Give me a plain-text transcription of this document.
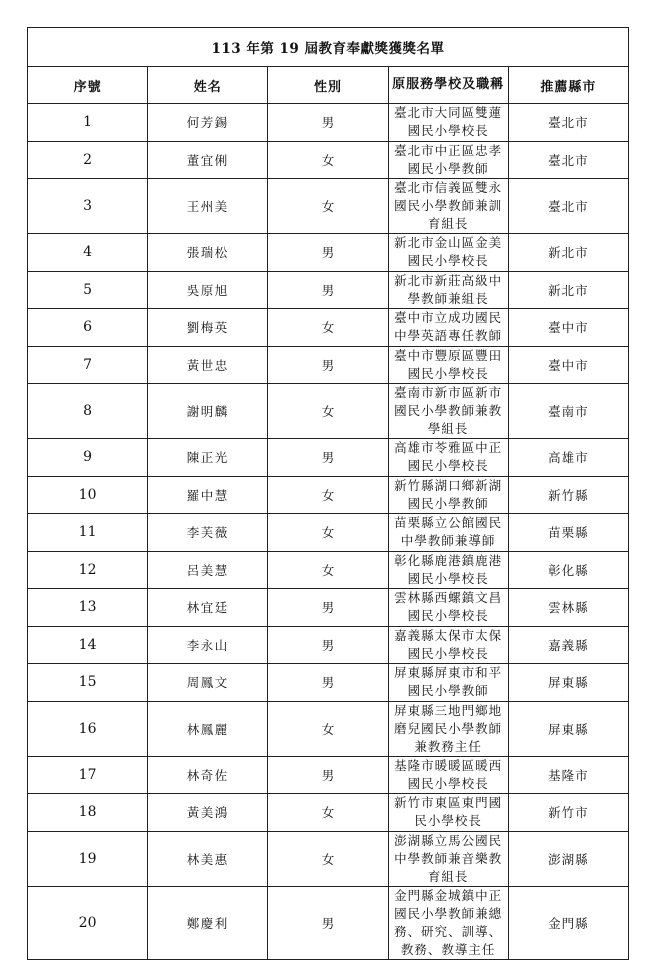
113 年第 19 屆教育奉獻獎獲獎名單				
序號	姓名	性別	原服務學校及職稱	推薦縣市
1	何芳錫	男	臺北市大同區雙蓮國民小學校長	臺北市
2	董宜俐	女	臺北市中正區忠孝國民小學教師	臺北市
3	王州美	女	臺北市信義區雙永國民小學教師兼訓育組長	臺北市
4	張瑞松	男	新北市金山區金美國民小學校長	新北市
5	吳原旭	男	新北市新莊高級中學教師兼組長	新北市
6	劉梅英	女	臺中市立成功國民中學英語專任教師	臺中市
7	黃世忠	男	臺中市豐原區豐田國民小學校長	臺中市
8	謝明麟	女	臺南市新市區新市國民小學教師兼教學組長	臺南市
9	陳正光	男	高雄市苓雅區中正國民小學校長	高雄市
10	羅中慧	女	新竹縣湖口鄉新湖國民小學教師	新竹縣
11	李芙薇	女	苗栗縣立公館國民中學教師兼導師	苗栗縣
12	呂美慧	女	彰化縣鹿港鎮鹿港國民小學校長	彰化縣
13	林宜廷	男	雲林縣西螺鎮文昌國民小學校長	雲林縣
14	李永山	男	嘉義縣太保市太保國民小學校長	嘉義縣
15	周鳳文	男	屏東縣屏東市和平國民小學教師	屏東縣
16	林鳳麗	女	屏東縣三地門鄉地磨兒國民小學教師兼教務主任	屏東縣
17	林奇佐	男	基隆市暖暖區暖西國民小學校長	基隆市
18	黃美鴻	女	新竹市東區東門國民小學校長	新竹市
19	林美惠	女	澎湖縣立馬公國民中學教師兼音樂教育組長	澎湖縣
20	鄭慶利	男	金門縣金城鎮中正國民小學教師兼總務、研究、訓導、教務、教導主任	金門縣
